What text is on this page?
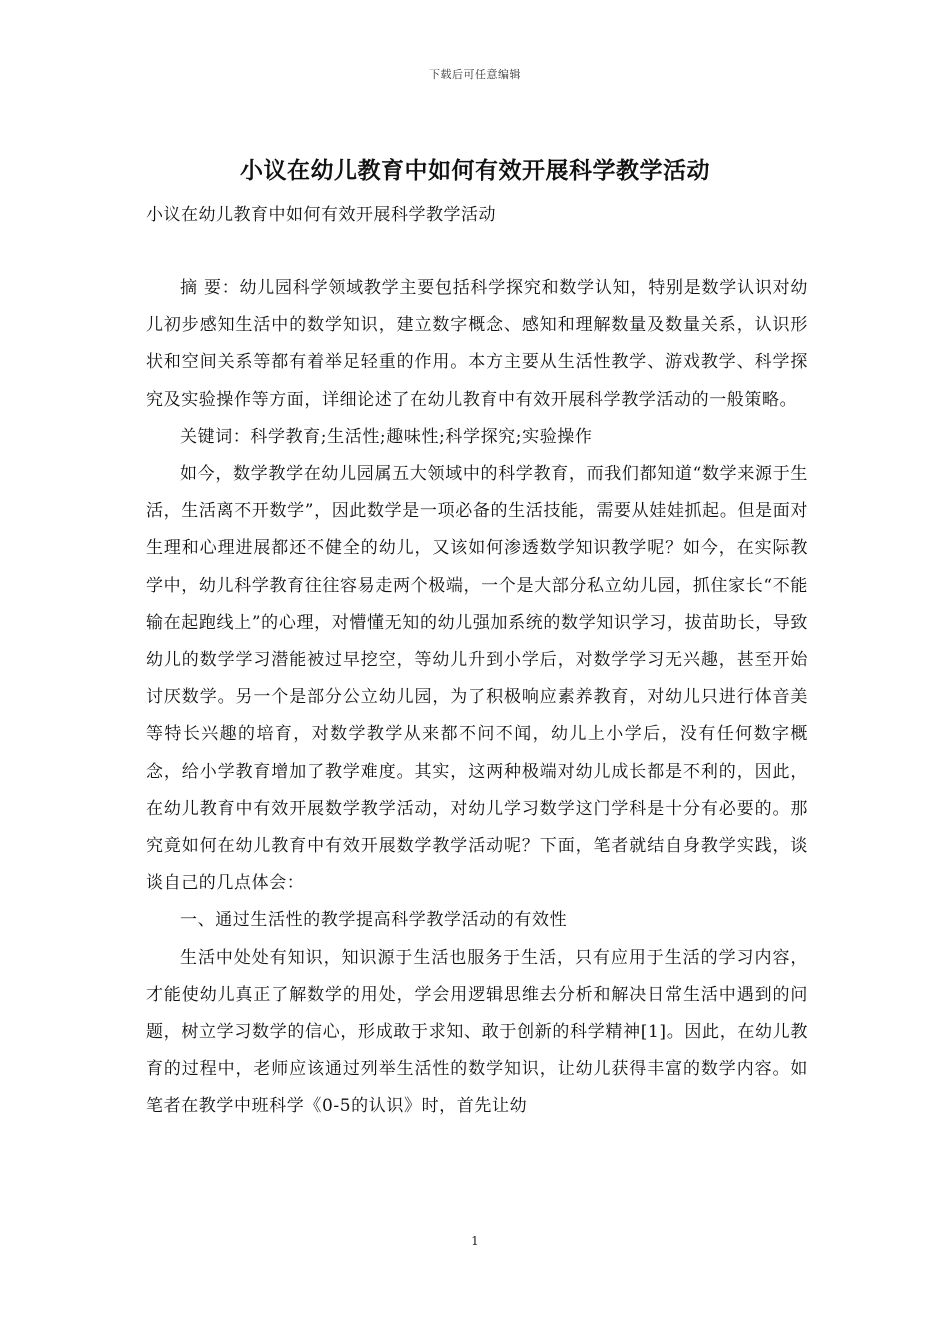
下载后可任意编辑
小议在幼儿教育中如何有效开展科学教学活动
小议在幼儿教育中如何有效开展科学教学活动

摘 要：幼儿园科学领域教学主要包括科学探究和数学认知，特别是数学认识对幼儿初步感知生活中的数学知识，建立数字概念、感知和理解数量及数量关系，认识形状和空间关系等都有着举足轻重的作用。本方主要从生活性教学、游戏教学、科学探究及实验操作等方面，详细论述了在幼儿教育中有效开展科学教学活动的一般策略。

关键词：科学教育;生活性;趣味性;科学探究;实验操作

如今，数学教学在幼儿园属五大领域中的科学教育，而我们都知道“数学来源于生活，生活离不开数学”，因此数学是一项必备的生活技能，需要从娃娃抓起。但是面对生理和心理进展都还不健全的幼儿，又该如何渗透数学知识教学呢？如今，在实际教学中，幼儿科学教育往往容易走两个极端，一个是大部分私立幼儿园，抓住家长“不能输在起跑线上”的心理，对懵懂无知的幼儿强加系统的数学知识学习，拔苗助长，导致幼儿的数学学习潜能被过早挖空，等幼儿升到小学后，对数学学习无兴趣，甚至开始讨厌数学。另一个是部分公立幼儿园，为了积极响应素养教育，对幼儿只进行体音美等特长兴趣的培育，对数学教学从来都不问不闻，幼儿上小学后，没有任何数字概念，给小学教育增加了教学难度。其实，这两种极端对幼儿成长都是不利的，因此，在幼儿教育中有效开展数学教学活动，对幼儿学习数学这门学科是十分有必要的。那究竟如何在幼儿教育中有效开展数学教学活动呢？下面，笔者就结自身教学实践，谈谈自己的几点体会：

一、通过生活性的教学提高科学教学活动的有效性

生活中处处有知识，知识源于生活也服务于生活，只有应用于生活的学习内容，才能使幼儿真正了解数学的用处，学会用逻辑思维去分析和解决日常生活中遇到的问题，树立学习数学的信心，形成敢于求知、敢于创新的科学精神[1]。因此，在幼儿教育的过程中，老师应该通过列举生活性的数学知识，让幼儿获得丰富的数学内容。如笔者在教学中班科学《0-5的认识》时，首先让幼

1
